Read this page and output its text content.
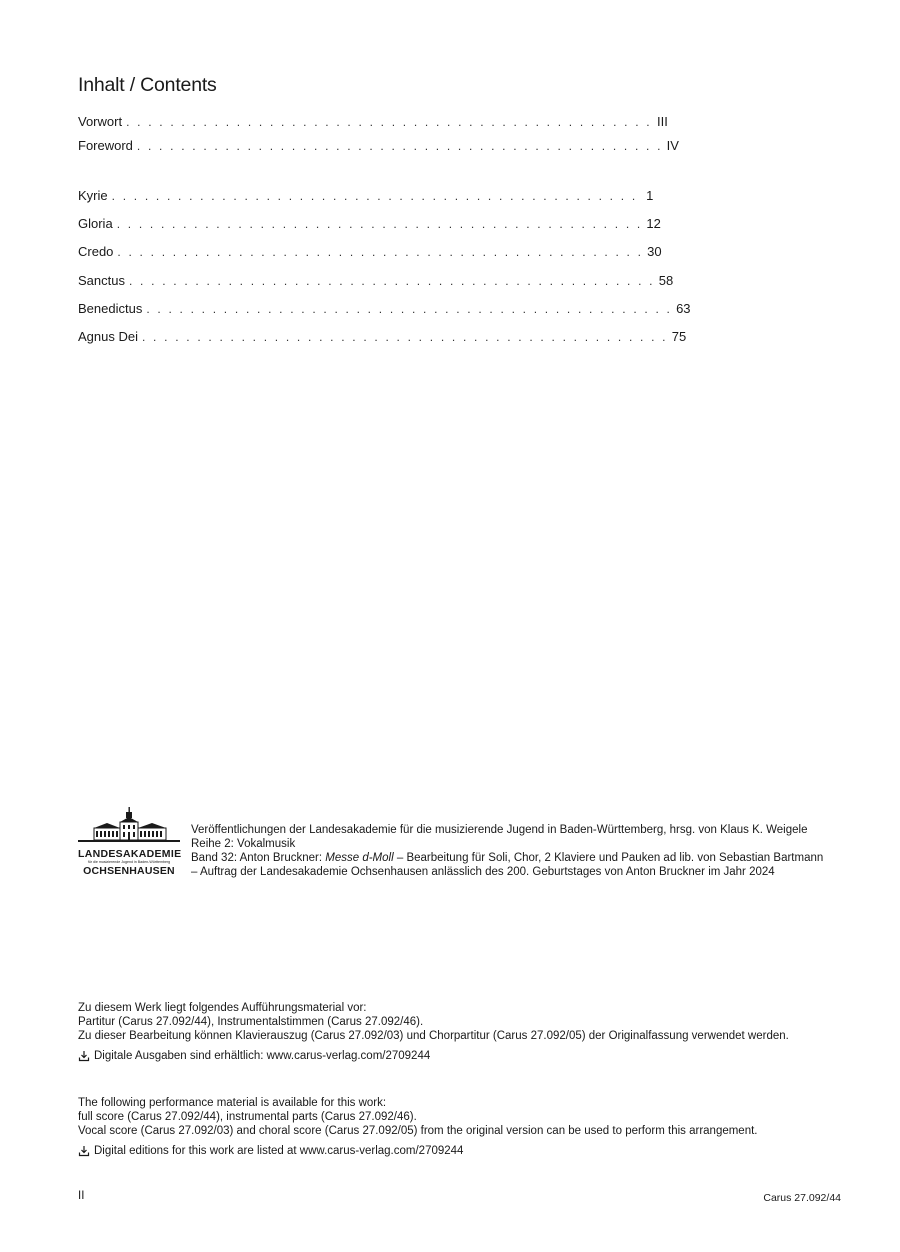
Inhalt / Contents
Vorwort . . . . . . . . . . . . . . . . . . . . . . . . . . . . . . . . . . . . . . . . . . . . . . . . III
Foreword . . . . . . . . . . . . . . . . . . . . . . . . . . . . . . . . . . . . . . . . . . . . . . . . IV
Kyrie . . . . . . . . . . . . . . . . . . . . . . . . . . . . . . . . . . . . . . . . . . . . . . . . 1
Gloria . . . . . . . . . . . . . . . . . . . . . . . . . . . . . . . . . . . . . . . . . . . . . . . . 12
Credo . . . . . . . . . . . . . . . . . . . . . . . . . . . . . . . . . . . . . . . . . . . . . . . . 30
Sanctus . . . . . . . . . . . . . . . . . . . . . . . . . . . . . . . . . . . . . . . . . . . . . . . . 58
Benedictus . . . . . . . . . . . . . . . . . . . . . . . . . . . . . . . . . . . . . . . . . . . . . . . . 63
Agnus Dei . . . . . . . . . . . . . . . . . . . . . . . . . . . . . . . . . . . . . . . . . . . . . . . . 75
LANDESAKADEMIE
für die musizierende Jugend in Baden-Württemberg
OCHSENHAUSEN
Veröffentlichungen der Landesakademie für die musizierende Jugend in Baden-Württemberg, hrsg. von Klaus K. Weigele
Reihe 2: Vokalmusik
Band 32: Anton Bruckner: Messe d-Moll – Bearbeitung für Soli, Chor, 2 Klaviere und Pauken ad lib. von Sebastian Bartmann
– Auftrag der Landesakademie Ochsenhausen anlässlich des 200. Geburtstages von Anton Bruckner im Jahr 2024
Zu diesem Werk liegt folgendes Aufführungsmaterial vor:
Partitur (Carus 27.092/44), Instrumentalstimmen (Carus 27.092/46).
Zu dieser Bearbeitung können Klavierauszug (Carus 27.092/03) und Chorpartitur (Carus 27.092/05) der Originalfassung verwendet werden.
Digitale Ausgaben sind erhältlich: www.carus-verlag.com/2709244
The following performance material is available for this work:
full score (Carus 27.092/44), instrumental parts (Carus 27.092/46).
Vocal score (Carus 27.092/03) and choral score (Carus 27.092/05) from the original version can be used to perform this arrangement.
Digital editions for this work are listed at www.carus-verlag.com/2709244
II	Carus 27.092/44
